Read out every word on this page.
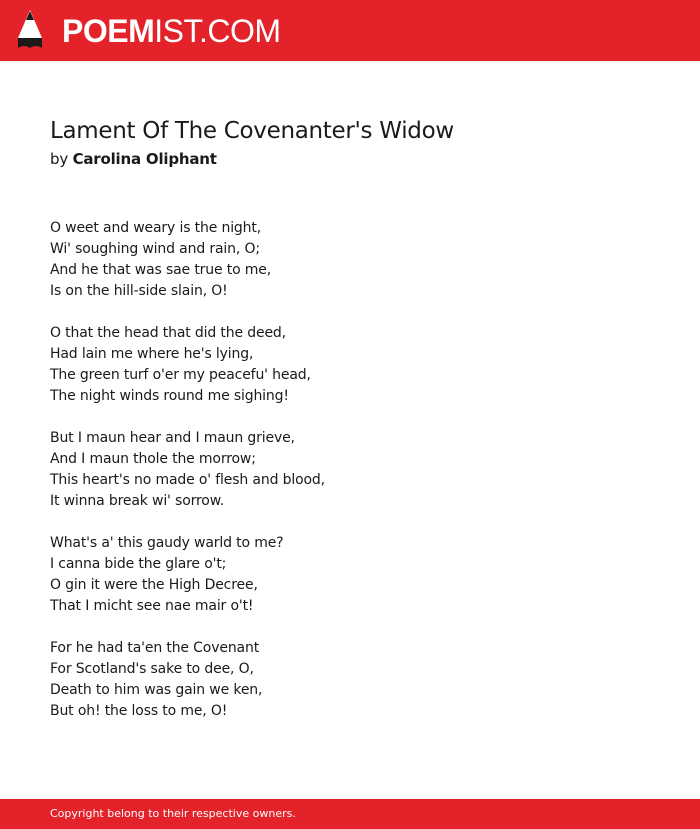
POEMIST.COM
Lament Of The Covenanter's Widow
by Carolina Oliphant
O weet and weary is the night,
Wi' soughing wind and rain, O;
And he that was sae true to me,
Is on the hill-side slain, O!
O that the head that did the deed,
Had lain me where he's lying,
The green turf o'er my peacefu' head,
The night winds round me sighing!
But I maun hear and I maun grieve,
And I maun thole the morrow;
This heart's no made o' flesh and blood,
It winna break wi' sorrow.
What's a' this gaudy warld to me?
I canna bide the glare o't;
O gin it were the High Decree,
That I micht see nae mair o't!
For he had ta'en the Covenant
For Scotland's sake to dee, O,
Death to him was gain we ken,
But oh! the loss to me, O!
Copyright belong to their respective owners.
